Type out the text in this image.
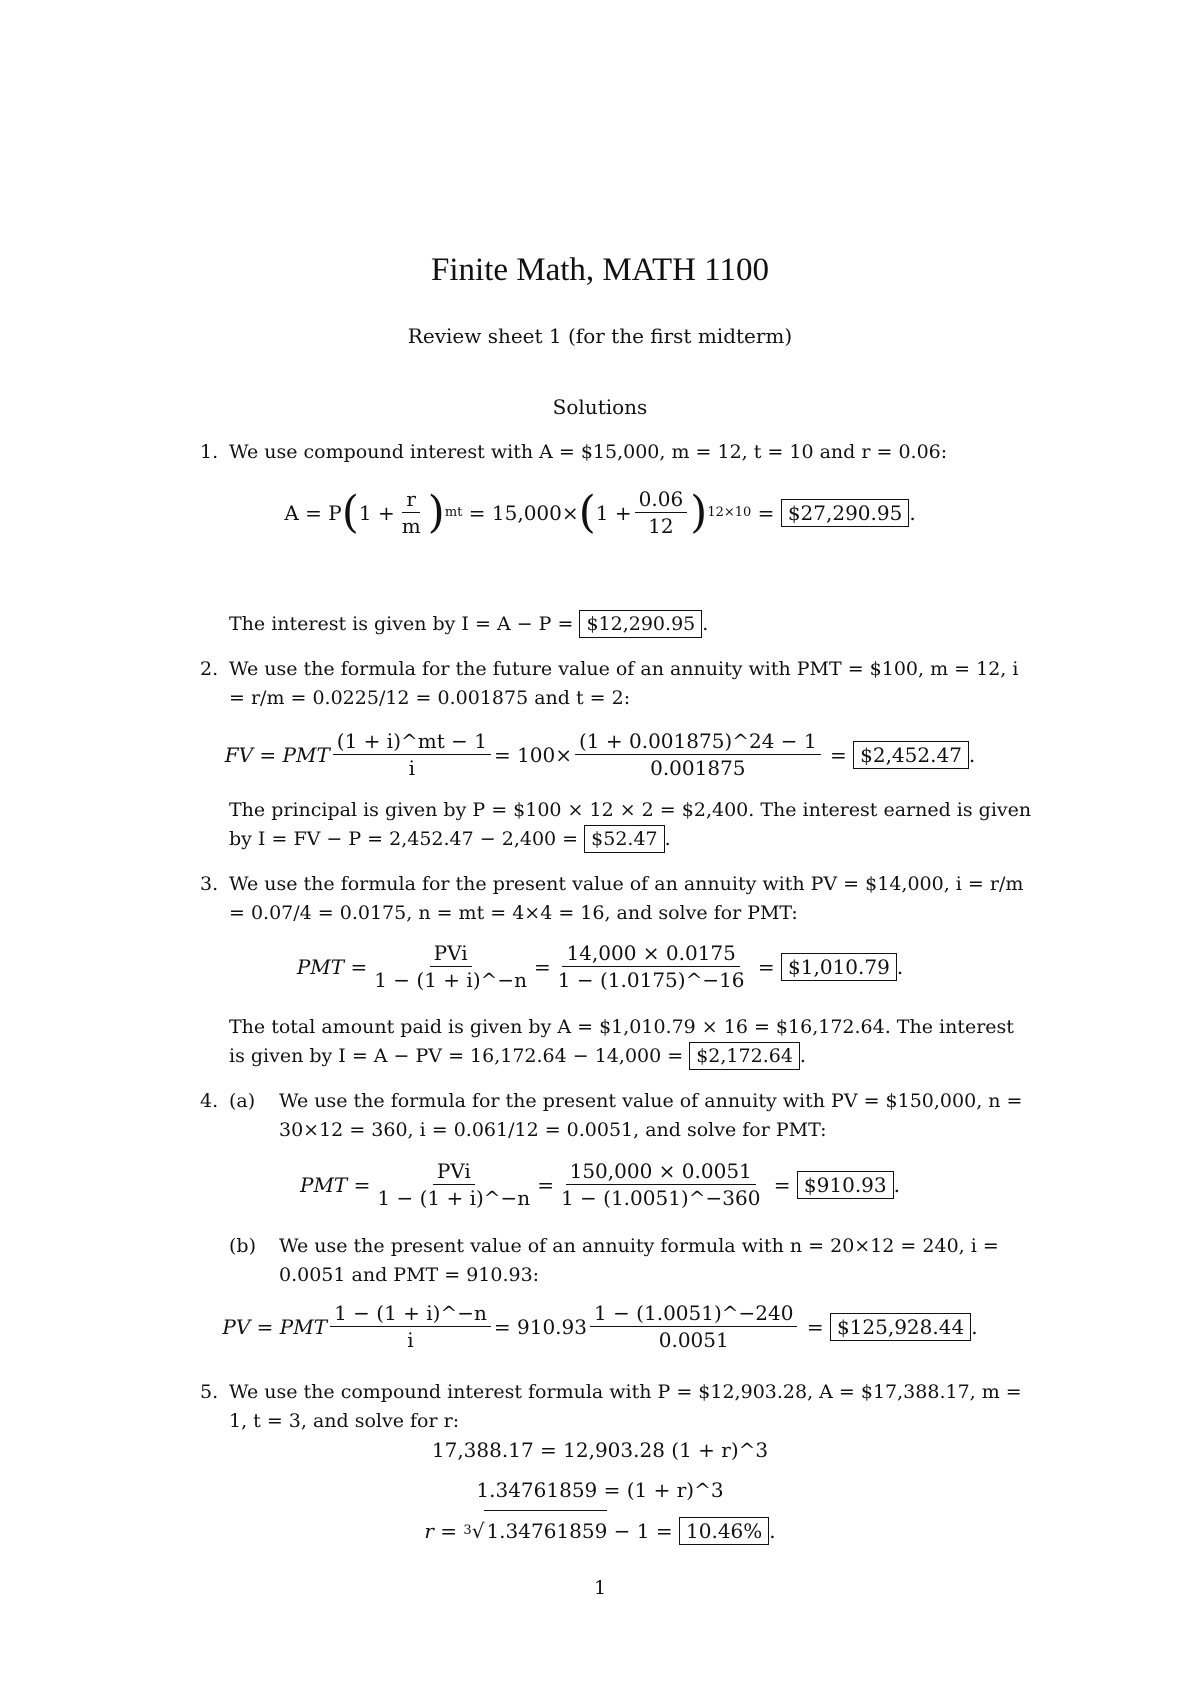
Finite Math, MATH 1100
Review sheet 1 (for the first midterm)
Solutions
1. We use compound interest with A = $15,000, m = 12, t = 10 and r = 0.06:
A = P ( $1 + \frac{r}{m}$ ) mt
= 15,000× ( $1 + \frac{0.06}{12}$ ) 12×10 = $27,290.95 .
The interest is given by I = A − P = $12,290.95 .
2. We use the formula for the future value of an annuity with PMT = $100, m = 12, i = r/m = 0.0225/12 = 0.001875 and t = 2:
FV = PMT $\frac{(1 + i)\^{}mt - 1}{i} = 100\times \frac{(1 + 0.001875)\^{}24 - 1}{0.001875}$ = $2,452.47 .
The principal is given by P = $100 × 12 × 2 = $2,400. The interest earned is given by I = FV − P = 2,452.47 − 2,400 = $52.47 .
3. We use the formula for the present value of an annuity with PV = $14,000, i = r/m = 0.07/4 = 0.0175, n = mt = 4×4 = 16, and solve for PMT:
PMT = $\frac{\text{PVi}}{1 - (1 + i)\^{}-n} = \frac{14,000 \times 0.0175}{1 - (1.0175)\^{}-16}$ = $1,010.79 .
The total amount paid is given by A = $1,010.79 × 16 = $16,172.64. The interest is given by I = A − PV = 16,172.64 − 14,000 = $2,172.64 .
4. (a) We use the formula for the present value of annuity with PV = $150,000, n = 30×12 = 360, i = 0.061/12 = 0.0051, and solve for PMT:
PMT = $\frac{\text{PVi}}{1 - (1 + i)\^{}-n} = \frac{150,000 \times 0.0051}{1 - (1.0051)\^{}-360}$ = $910.93 .
(b) We use the present value of an annuity formula with n = 20×12 = 240, i = 0.0051 and PMT = 910.93:
PV = PMT $\frac{1 - (1 + i)\^{}-n}{i} = 910.93 \frac{1 - (1.0051)\^{}-240}{0.0051}$ = $125,928.44 .
5. We use the compound interest formula with P = $12,903.28, A = $17,388.17, m = 1, t = 3, and solve for r:
17,388.17 = 12,903.28 (1 + r)^3
1.34761859 = (1 + r)^3
r =
3 √ 1.34761859
− 1 =
10.46% .
1
